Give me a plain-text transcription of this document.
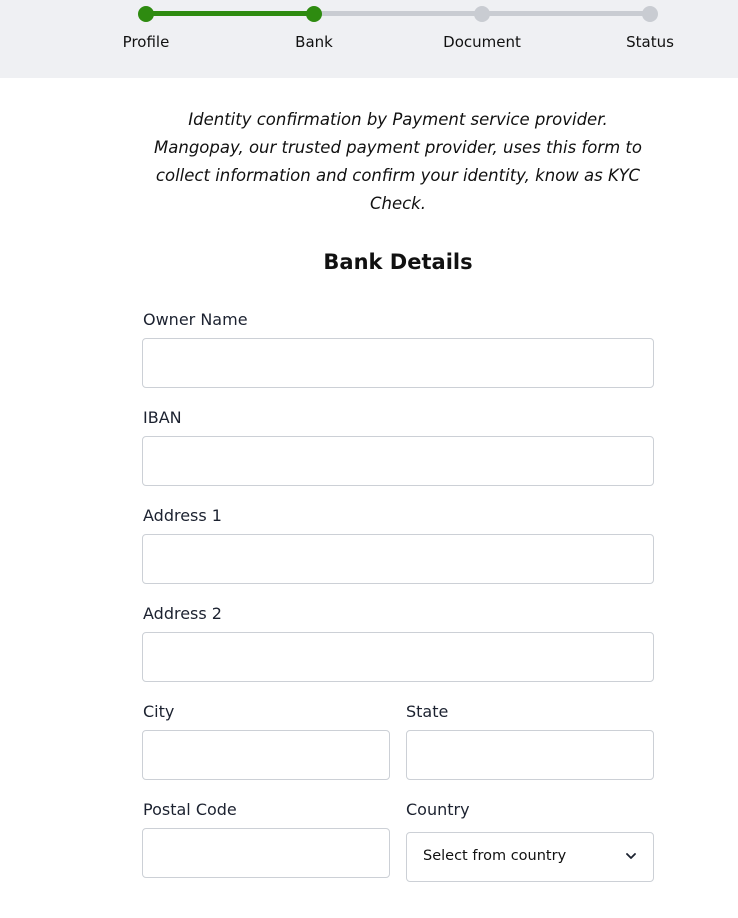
Profile	Bank	Document	Status
Identity confirmation by Payment service provider. Mangopay, our trusted payment provider, uses this form to collect information and confirm your identity, know as KYC Check.
Bank Details
Owner Name
IBAN
Address 1
Address 2
City	State
Postal Code	Country
Select from country
